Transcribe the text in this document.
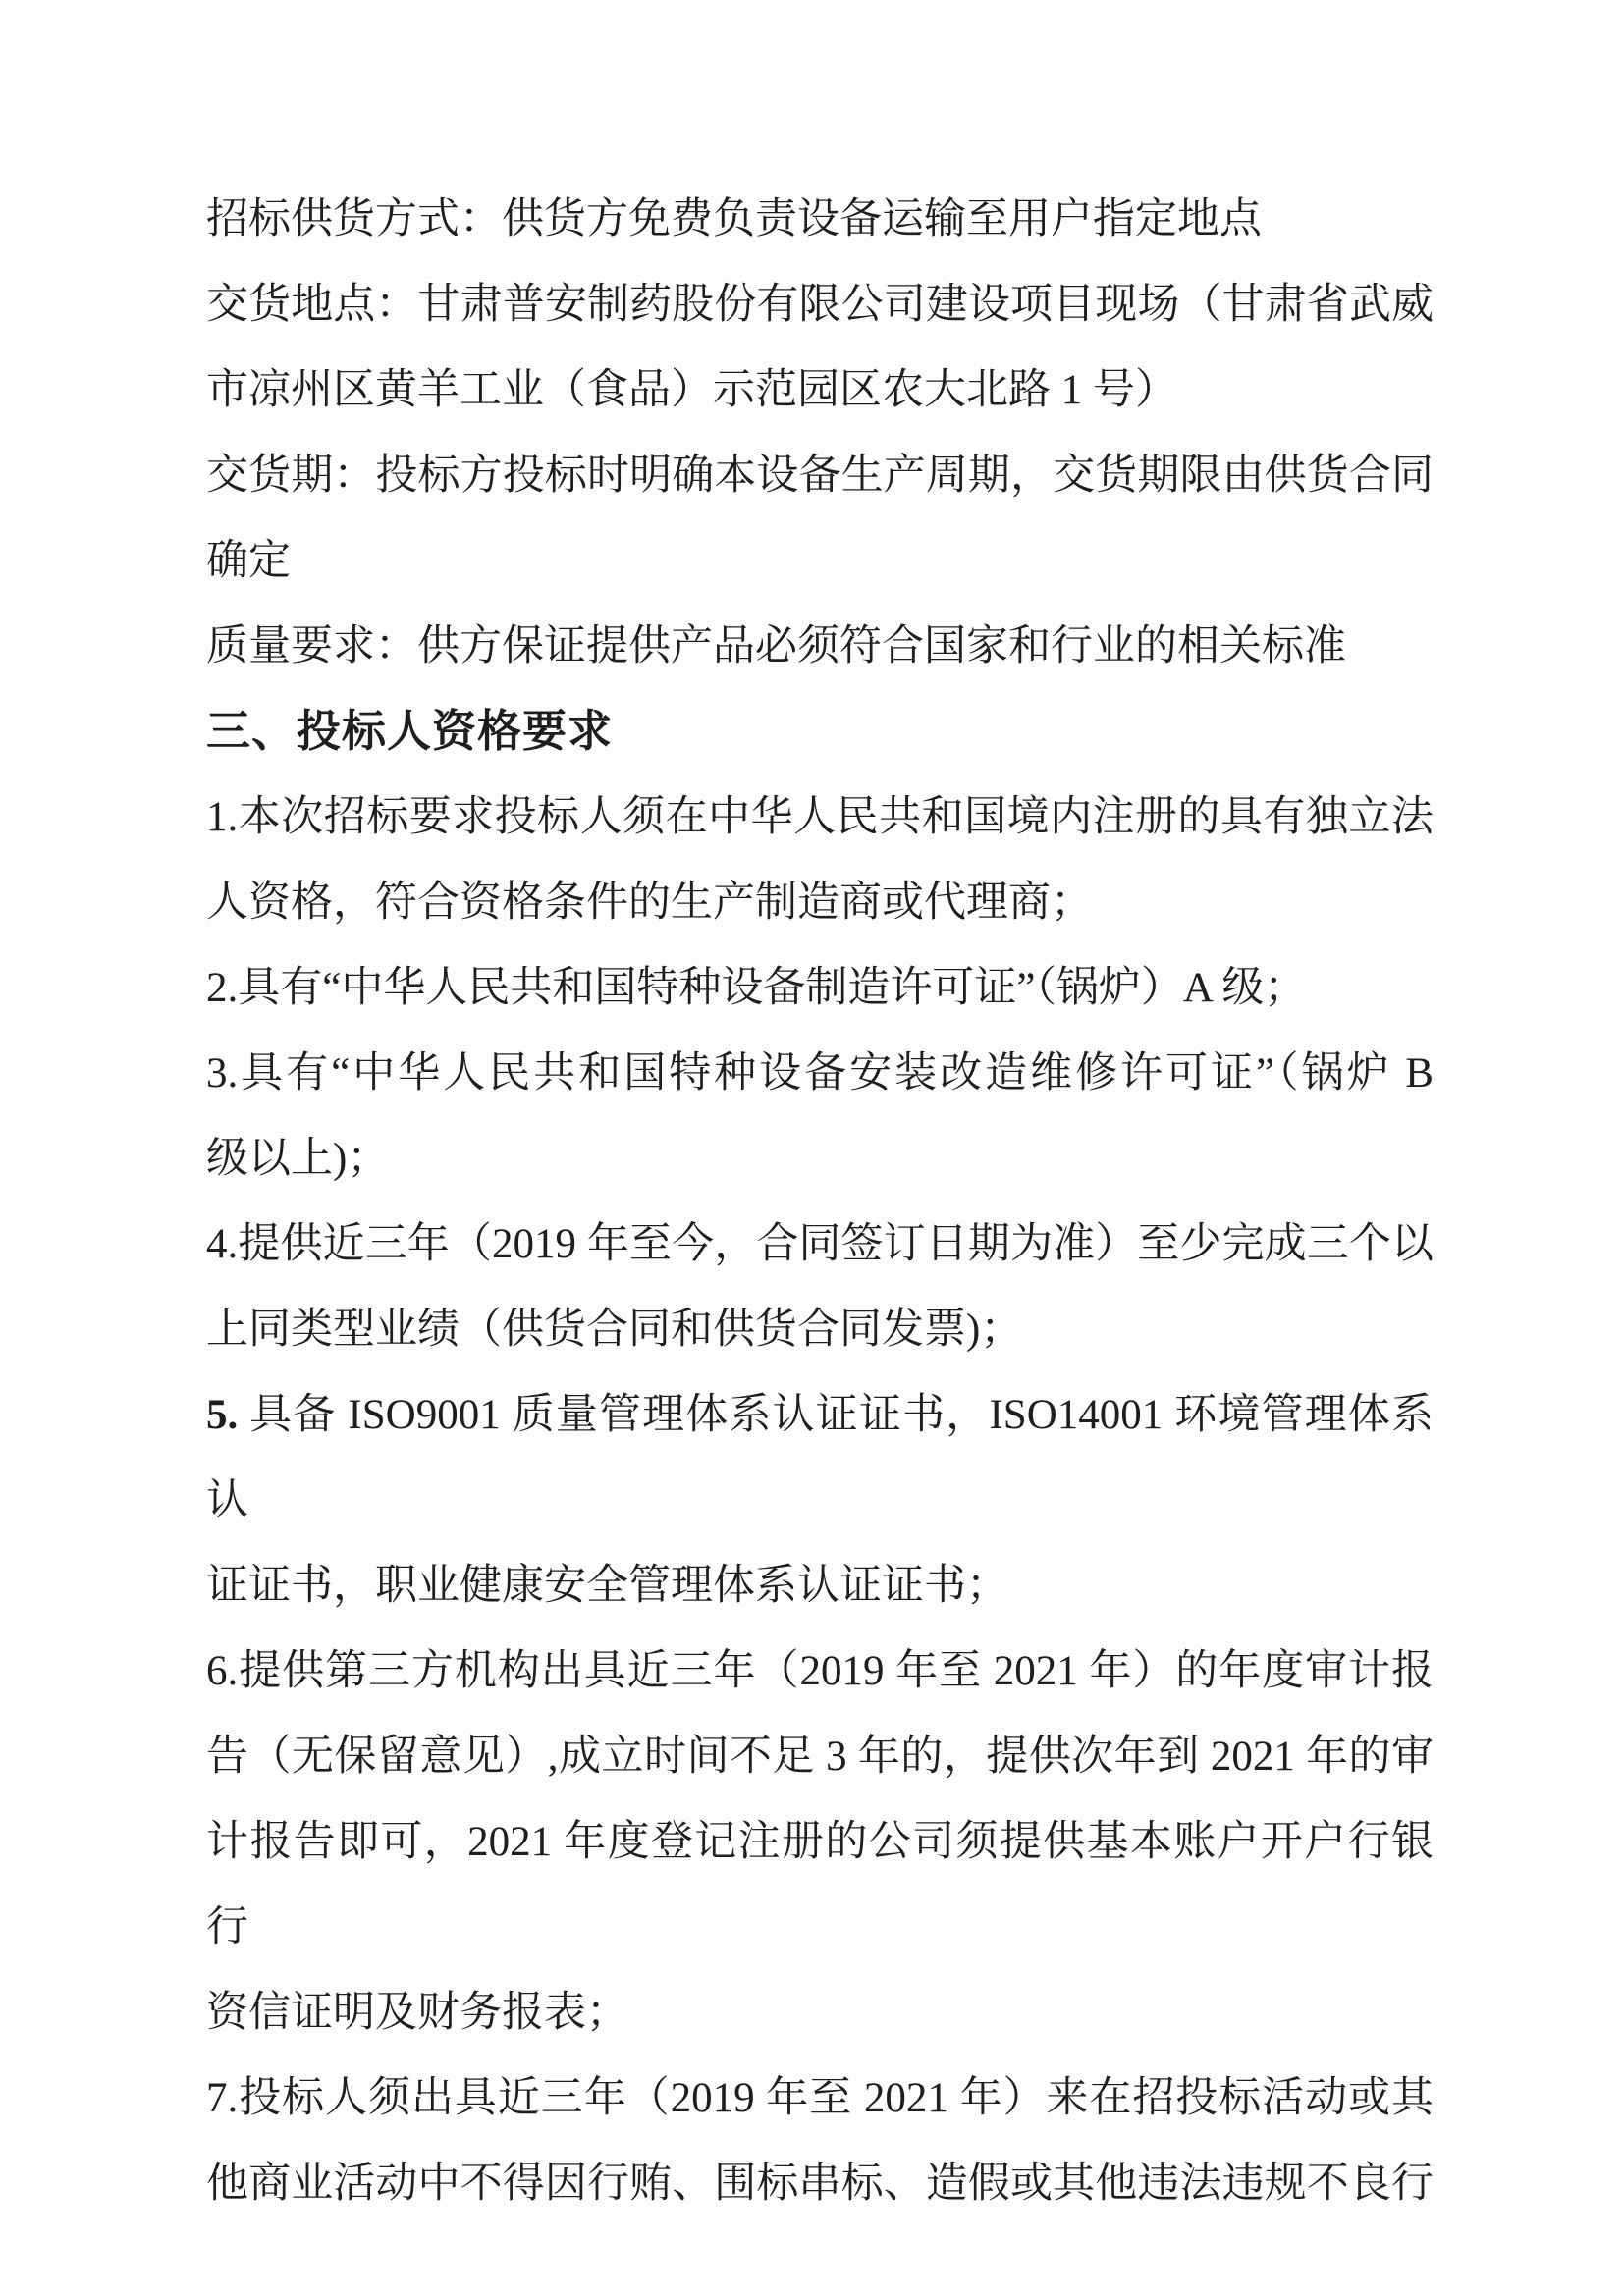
招标供货方式：供货方免费负责设备运输至用户指定地点
交货地点：甘肃普安制药股份有限公司建设项目现场（甘肃省武威
市凉州区黄羊工业（食品）示范园区农大北路 1 号）
交货期：投标方投标时明确本设备生产周期，交货期限由供货合同
确定
质量要求：供方保证提供产品必须符合国家和行业的相关标准
三、投标人资格要求
1.本次招标要求投标人须在中华人民共和国境内注册的具有独立法
人资格，符合资格条件的生产制造商或代理商；
2.具有“中华人民共和国特种设备制造许可证”（锅炉）A 级；
3.具有“中华人民共和国特种设备安装改造维修许可证”（锅炉 B
级以上)；
4.提供近三年（2019 年至今，合同签订日期为准）至少完成三个以
上同类型业绩（供货合同和供货合同发票)；
5. 具备 ISO9001 质量管理体系认证证书，ISO14001 环境管理体系认
证证书，职业健康安全管理体系认证证书；
6.提供第三方机构出具近三年（2019 年至 2021 年）的年度审计报
告（无保留意见）,成立时间不足 3 年的，提供次年到 2021 年的审
计报告即可，2021 年度登记注册的公司须提供基本账户开户行银行
资信证明及财务报表；
7.投标人须出具近三年（2019 年至 2021 年）来在招投标活动或其
他商业活动中不得因行贿、围标串标、造假或其他违法违规不良行
